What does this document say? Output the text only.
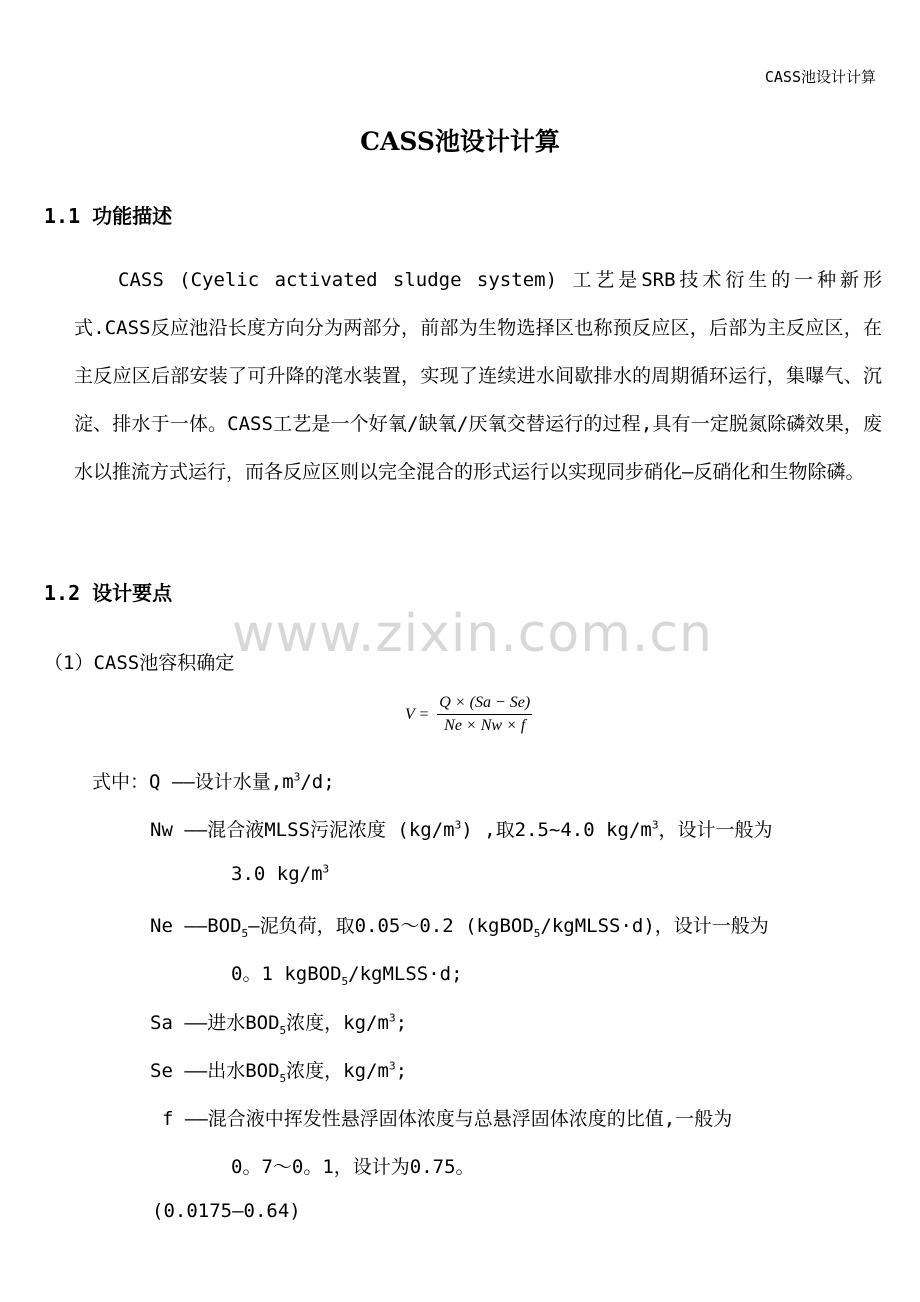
CASS池设计计算
CASS池设计计算
1.1 功能描述

CASS (Cyelic activated sludge system) 工艺是SRB技术衍生的一种新形式.CASS反应池沿长度方向分为两部分，前部为生物选择区也称预反应区，后部为主反应区，在主反应区后部安装了可升降的滗水装置，实现了连续进水间歇排水的周期循环运行，集曝气、沉淀、排水于一体。CASS工艺是一个好氧/缺氧/厌氧交替运行的过程,具有一定脱氮除磷效果，废水以推流方式运行，而各反应区则以完全混合的形式运行以实现同步硝化—反硝化和生物除磷。

1.2 设计要点
www.zixin.com.cn
（1）CASS池容积确定
$V = \frac{Q \times (Sa - Se)}{Ne \times Nw \times f}$
式中：Q ——设计水量$,m^3/d$;
Nw ——混合液MLSS污泥浓度 $(kg/m^3)$ ,取2.5~4.0 $kg/m^3$，设计一般为
3.0 $kg/m^3$
Ne $——BOD_5—$泥负荷，取0.05～0.2 (kgBOD$_5$/kgMLSS·d)，设计一般为
0。1 kgBOD$_5$/kgMLSS·d;
Sa ——进水$BOD_5$浓度，$kg/m^3$;
Se ——出水$BOD_5$浓度，$kg/m^3$;
f ——混合液中挥发性悬浮固体浓度与总悬浮固体浓度的比值,一般为
0。7～0。1，设计为0.75。
(0.0175—0.64)
